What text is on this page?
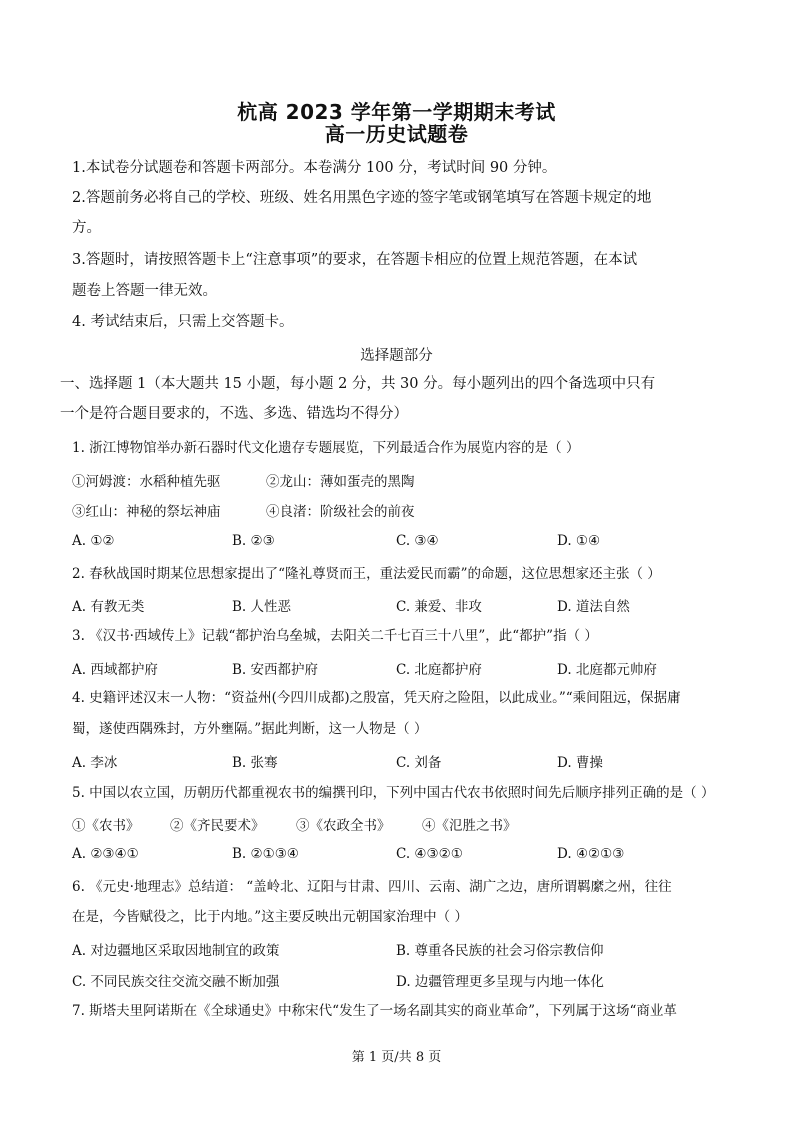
杭高 2023 学年第一学期期末考试
高一历史试题卷
1.本试卷分试题卷和答题卡两部分。本卷满分 100 分，考试时间 90 分钟。
2.答题前务必将自己的学校、班级、姓名用黑色字迹的签字笔或钢笔填写在答题卡规定的地
方。
3.答题时，请按照答题卡上“注意事项”的要求，在答题卡相应的位置上规范答题，在本试
题卷上答题一律无效。
4. 考试结束后，只需上交答题卡。
选择题部分
一、选择题 1（本大题共 15 小题，每小题 2 分，共 30 分。每小题列出的四个备选项中只有
一个是符合题目要求的，不选、多选、错选均不得分）
1. 浙江博物馆举办新石器时代文化遗存专题展览，下列最适合作为展览内容的是（ ）
①河姆渡：水稻种植先驱	②龙山：薄如蛋壳的黑陶
③红山：神秘的祭坛神庙	④良渚：阶级社会的前夜
A. ①②	B. ②③	C. ③④	D. ①④
2. 春秋战国时期某位思想家提出了“隆礼尊贤而王，重法爱民而霸”的命题，这位思想家还主张（ ）
A. 有教无类	B. 人性恶	C. 兼爱、非攻	D. 道法自然
3. 《汉书·西域传上》记载“都护治乌垒城，去阳关二千七百三十八里”，此“都护”指（ ）
A. 西域都护府	B. 安西都护府	C. 北庭都护府	D. 北庭都元帅府
4. 史籍评述汉末一人物：“资益州(今四川成都)之殷富，凭天府之险阻，以此成业。”“乘间阻远，保据庸
蜀，遂使西隅殊封，方外壅隔。”据此判断，这一人物是（ ）
A. 李冰	B. 张骞	C. 刘备	D. 曹操
5. 中国以农立国，历朝历代都重视农书的编撰刊印，下列中国古代农书依照时间先后顺序排列正确的是（ ）
①《农书》 ②《齐民要术》 ③《农政全书》 ④《氾胜之书》
A. ②③④①	B. ②①③④	C. ④③②①	D. ④②①③
6. 《元史·地理志》总结道： “盖岭北、辽阳与甘肃、四川、云南、湖广之边，唐所谓羁縻之州，往往
在是，今皆赋役之，比于内地。”这主要反映出元朝国家治理中（ ）
A. 对边疆地区采取因地制宜的政策	B. 尊重各民族的社会习俗宗教信仰
C. 不同民族交往交流交融不断加强	D. 边疆管理更多呈现与内地一体化
7. 斯塔夫里阿诺斯在《全球通史》中称宋代“发生了一场名副其实的商业革命”，下列属于这场“商业革
第 1 页/共 8 页
